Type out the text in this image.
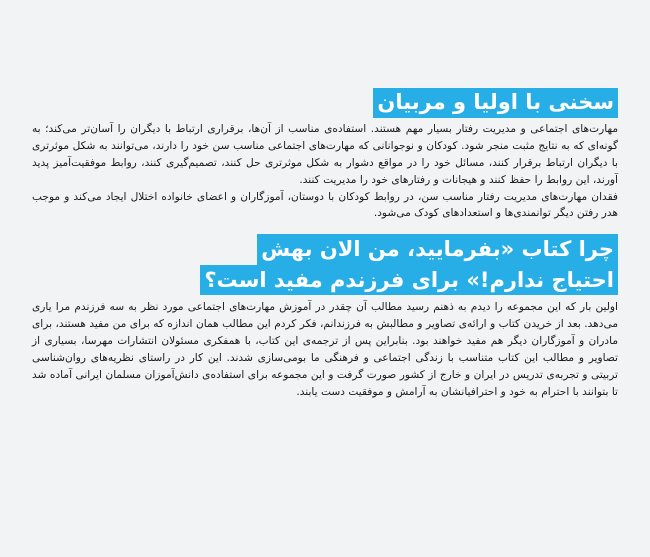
سخنی با اولیا و مربیان

مهارت‌های اجتماعی و مدیریت رفتار بسیار مهم هستند. استفاده‌ی مناسب از آن‌ها، برقراری ارتباط با دیگران را آسان‌تر می‌کند؛ به گونه‌ای که به نتایج مثبت منجر شود. کودکان و نوجوانانی که مهارت‌های اجتماعی مناسب سن خود را دارند، می‌توانند به شکل موثرتری با دیگران ارتباط برقرار کنند، مسائل خود را در مواقع دشوار به شکل موثرتری حل کنند، تصمیم‌گیری کنند، روابط موفقیت‌آمیز پدید آورند، این روابط را حفظ کنند و هیجانات و رفتارهای خود را مدیریت کنند.

فقدان مهارت‌های مدیریت رفتار مناسب سن، در روابط کودکان با دوستان، آموزگاران و اعضای خانواده اختلال ایجاد می‌کند و موجب هدر رفتن دیگر توانمندی‌ها و استعدادهای کودک می‌شود.

چرا کتاب «بفرمایید، من الان بهش
احتیاج ندارم!» برای فرزندم مفید است؟

اولین بار که این مجموعه را دیدم به ذهنم رسید مطالب آن چقدر در آموزش مهارت‌های اجتماعی مورد نظر به سه فرزندم مرا یاری می‌دهد. بعد از خریدن کتاب و ارائه‌ی تصاویر و مطالبش به فرزندانم، فکر کردم این مطالب همان اندازه که برای من مفید هستند، برای مادران و آموزگاران دیگر هم مفید خواهند بود. بنابراین پس از ترجمه‌ی این کتاب، با همفکری مسئولان انتشارات مهرسا، بسیاری از تصاویر و مطالب این کتاب متناسب با زندگی اجتماعی و فرهنگی ما بومی‌سازی شدند. این کار در راستای نظریه‌های روان‌شناسی تربیتی و تجربه‌ی تدریس در ایران و خارج از کشور صورت گرفت و این مجموعه برای استفاده‌ی دانش‌آموزان مسلمان ایرانی آماده شد تا بتوانند با احترام به خود و احترافیانشان به آرامش و موفقیت دست یابند.
